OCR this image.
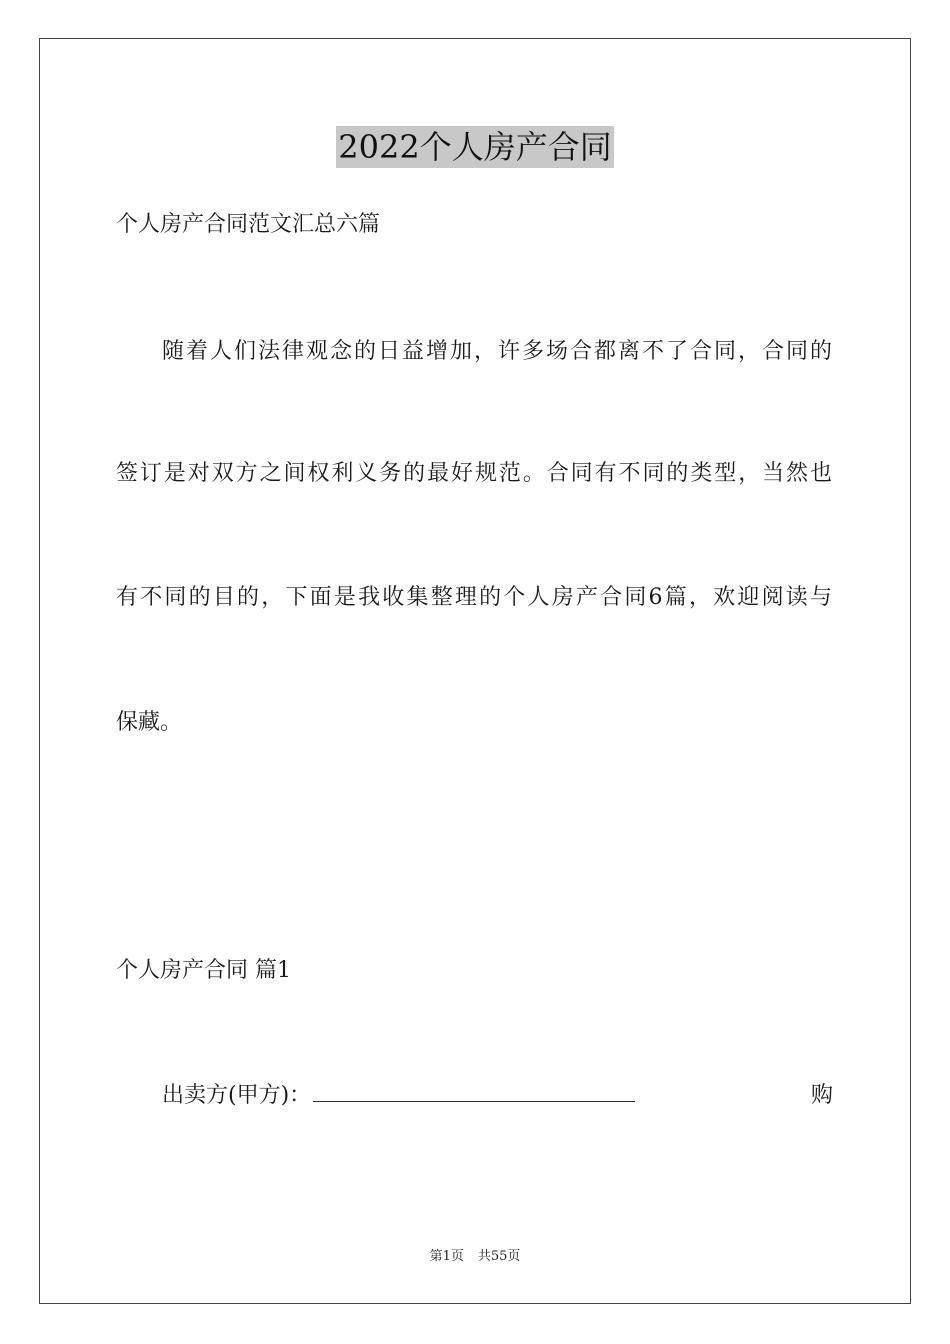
2022个人房产合同
个人房产合同范文汇总六篇
随着人们法律观念的日益增加，许多场合都离不了合同，合同的
签订是对双方之间权利义务的最好规范。合同有不同的类型，当然也
有不同的目的，下面是我收集整理的个人房产合同6篇，欢迎阅读与
保藏。
个人房产合同 篇1
出卖方(甲方)：	购
第1页 共55页
